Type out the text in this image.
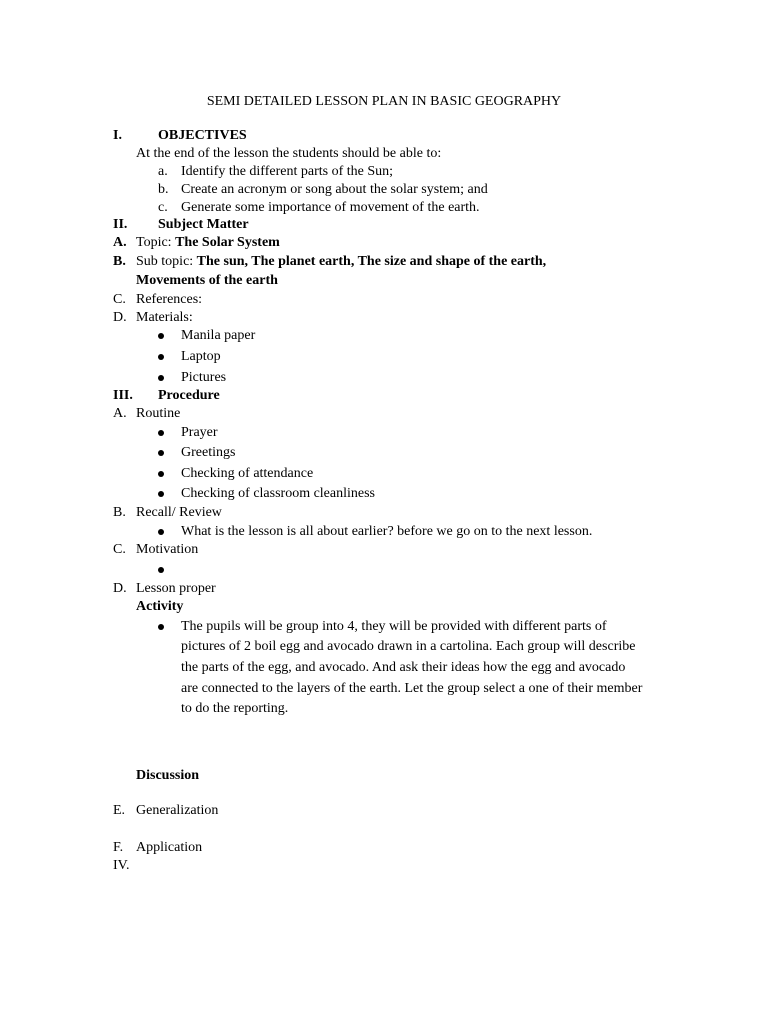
SEMI DETAILED LESSON PLAN IN BASIC GEOGRAPHY
I.	OBJECTIVES
At the end of the lesson the students should be able to:
a. Identify the different parts of the Sun;
b. Create an acronym or song about the solar system; and
c. Generate some importance of movement of the earth.
II. Subject Matter
A. Topic: The Solar System
B. Sub topic: The sun, The planet earth, The size and shape of the earth,
Movements of the earth
C. References:
D. Materials:
Manila paper
Laptop
Pictures
III. Procedure
A. Routine
Prayer
Greetings
Checking of attendance
Checking of classroom cleanliness
B. Recall/ Review
What is the lesson is all about earlier? before we go on to the next lesson.
C. Motivation
D. Lesson proper
Activity
The pupils will be group into 4, they will be provided with different parts of
pictures of 2 boil egg and avocado drawn in a cartolina. Each group will describe
the parts of the egg, and avocado. And ask their ideas how the egg and avocado
are connected to the layers of the earth. Let the group select a one of their member
to do the reporting.
Discussion
E. Generalization
F. Application
IV.
